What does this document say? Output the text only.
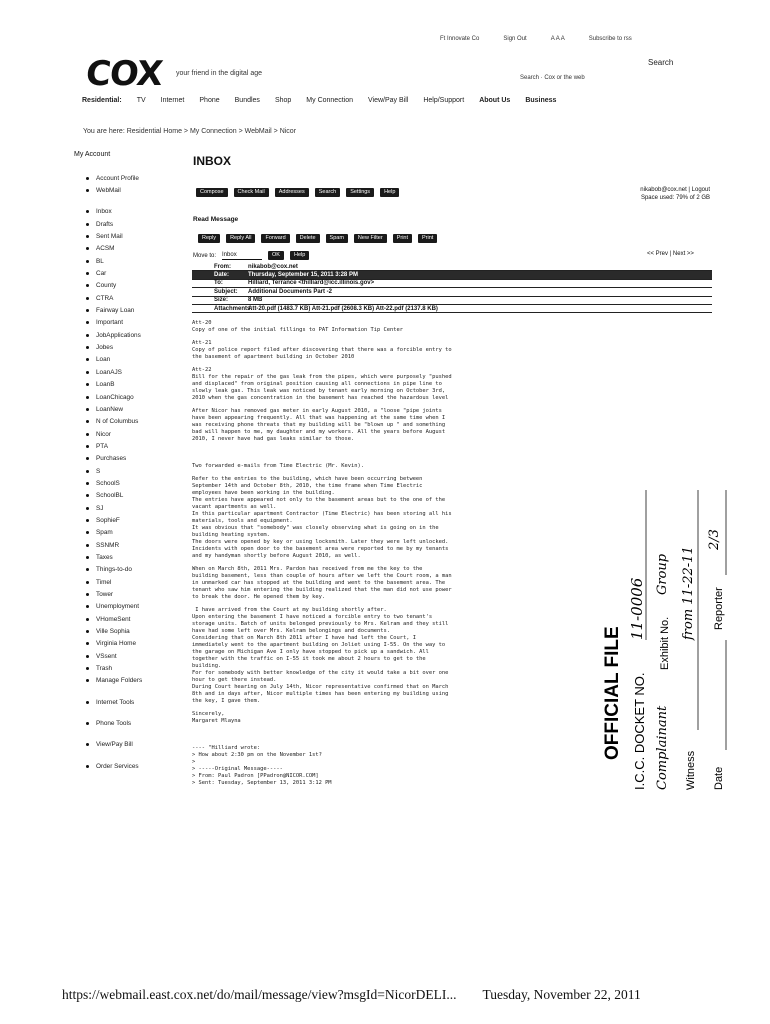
Ft Innovate Co	Sign Out	A A A	Subscribe to rss
COX your friend in the digital age
Search
Search · Cox or the web
Residential: TV Internet Phone Bundles Shop My Connection View/Pay Bill Help/Support About Us Business
You are here: Residential Home > My Connection > WebMail > Nicor
My Account	INBOX
Account Profile
WebMail
Inbox
Drafts
Sent Mail
ACSM
BL
Car
County
CTRA
Fairway Loan
Important
JobApplications
Jobes
Loan
LoanAJS
LoanB
LoanChicago
LoanNew
N of Columbus
Nicor
PTA
Purchases
S
SchoolS
SchoolBL
SJ
SophieF
Spam
SSNMR
Taxes
Things-to-do
Timel
Tower
Unemployment
VHomeSent
Ville Sophia
Virginia Home
VSsent
Trash
Manage Folders
Internet Tools
Phone Tools
View/Pay Bill
Order Services
Compose	Check Mail	Addresses	Search	Settings	Help	nikabob@cox.net | Logout
Space used: 79% of 2 GB
Read Message
Reply	Reply All	Forward	Delete	Spam	New Filter	Print	Print
Move to: Inbox	OK	Help	<< Prev | Next >>
From:	nikabob@cox.net
Date:	Thursday, September 15, 2011 3:28 PM
To:	Hilliard, Terrance <thilliard@icc.illinois.gov>
Subject:	Additional Documents Part -2
Size:	8 MB
Attachments:
Att-20.pdf (1483.7 KB) Att-21.pdf (2608.3 KB) Att-22.pdf (2137.8 KB)
Att-20
Copy of one of the initial fillings to PAT Information Tip Center
Att-21
Copy of police report filed after discovering that there was a forcible entry to
the basement of apartment building in October 2010
Att-22
Bill for the repair of the gas leak from the pipes, which were purposely "pushed
and displaced" from original position causing all connections in pipe line to
slowly leak gas. This leak was noticed by tenant early morning on October 3rd,
2010 when the gas concentration in the basement has reached the hazardous level
After Nicor has removed gas meter in early August 2010, a "loose "pipe joints
have been appearing frequently. All that was happening at the same time when I
was receiving phone threats that my building will be "blown up " and something
bad will happen to me, my daughter and my workers. All the years before August
2010, I never have had gas leaks similar to those.

Two forwarded e-mails from Time Electric (Mr. Kevin).
Refer to the entries to the building, which have been occurring between
September 14th and October 8th, 2010, the time frame when Time Electric
employees have been working in the building.
The entries have appeared not only to the basement areas but to the one of the
vacant apartments as well.
In this particular apartment Contractor (Time Electric) has been storing all his
materials, tools and equipment.
It was obvious that "somebody" was closely observing what is going on in the
building heating system.
The doors were opened by key or using locksmith. Later they were left unlocked.
Incidents with open door to the basement area were reported to me by my tenants
and my handyman shortly before August 2010, as well.
When on March 8th, 2011 Mrs. Pardon has received from me the key to the
building basement, less than couple of hours after we left the Court room, a man
in unmarked car has stopped at the building and went to the basement area. The
tenant who saw him entering the building realized that the man did not use power
to break the door. He opened them by key.
I have arrived from the Court at my building shortly after.
Upon entering the basement I have noticed a forcible entry to two tenant's
storage units. Batch of units belonged previously to Mrs. Kelram and they still
have had some left over Mrs. Kelram belongings and documents.
Considering that on March 8th 2011 after I have had left the Court, I
immediately went to the apartment building on Joliet using I-55. On the way to
the garage on Michigan Ave I only have stopped to pick up a sandwich. All
together with the traffic on I-55 it took me about 2 hours to get to the
building.
For for somebody with better knowledge of the city it would take a bit over one
hour to get there instead.
During Court hearing on July 14th, Nicor representative confirmed that on March
8th and in days after, Nicor multiple times has been entering my building using
the key, I gave them.
Sincerely,
Margaret Mlayna

---- "Hilliard wrote:
> How about 2:30 pm on the November 1st?
>
> -----Original Message-----
> From: Paul Padron [PPadron@NICOR.COM]
> Sent: Tuesday, September 13, 2011 3:12 PM
OFFICIAL FILE I.C.C. DOCKET NO.
11-0006
Complainant
Exhibit No.
Group
Witness Date
from 11-22-11 Reporter
2/3
https://webmail.east.cox.net/do/mail/message/view?msgId=NicorDELI... Tuesday, November 22, 2011
